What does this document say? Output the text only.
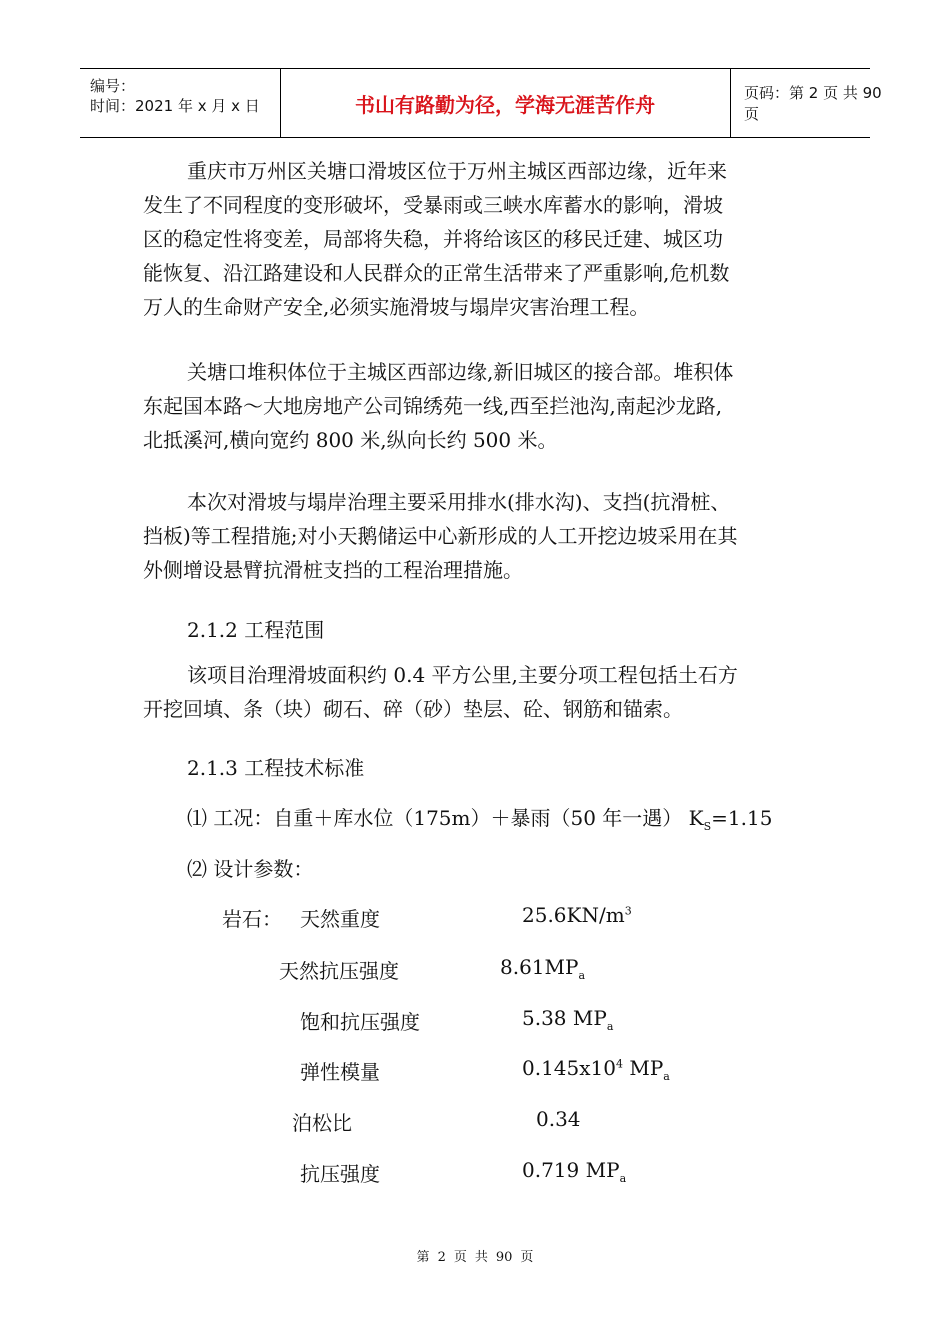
编号：
时间：2021 年 x 月 x 日	书山有路勤为径，学海无涯苦作舟	页码：第 2 页 共 90 页
重庆市万州区关塘口滑坡区位于万州主城区西部边缘，近年来
发生了不同程度的变形破坏，受暴雨或三峡水库蓄水的影响，滑坡
区的稳定性将变差，局部将失稳，并将给该区的移民迁建、城区功
能恢复、沿江路建设和人民群众的正常生活带来了严重影响,危机数
万人的生命财产安全,必须实施滑坡与塌岸灾害治理工程。
关塘口堆积体位于主城区西部边缘,新旧城区的接合部。堆积体
东起国本路～大地房地产公司锦绣苑一线,西至拦池沟,南起沙龙路,
北抵溪河,横向宽约 800 米,纵向长约 500 米。
本次对滑坡与塌岸治理主要采用排水(排水沟)、支挡(抗滑桩、
挡板)等工程措施;对小天鹅储运中心新形成的人工开挖边坡采用在其
外侧增设悬臂抗滑桩支挡的工程治理措施。
2.1.2 工程范围
该项目治理滑坡面积约 0.4 平方公里,主要分项工程包括土石方
开挖回填、条（块）砌石、碎（砂）垫层、砼、钢筋和锚索。
2.1.3 工程技术标准
⑴ 工况：自重＋库水位（175m）＋暴雨（50 年一遇） $K_S=1.15$
⑵ 设计参数：
岩石： 天然重度	$25.6KN/m^3$
天然抗压强度	$8.61MP_a$
饱和抗压强度	5.38 $MP_a$
弹性模量	$0.145x10^4$ $MP_a$
泊松比	0.34
抗压强度	0.719 $MP_a$
第 2 页 共 90 页
